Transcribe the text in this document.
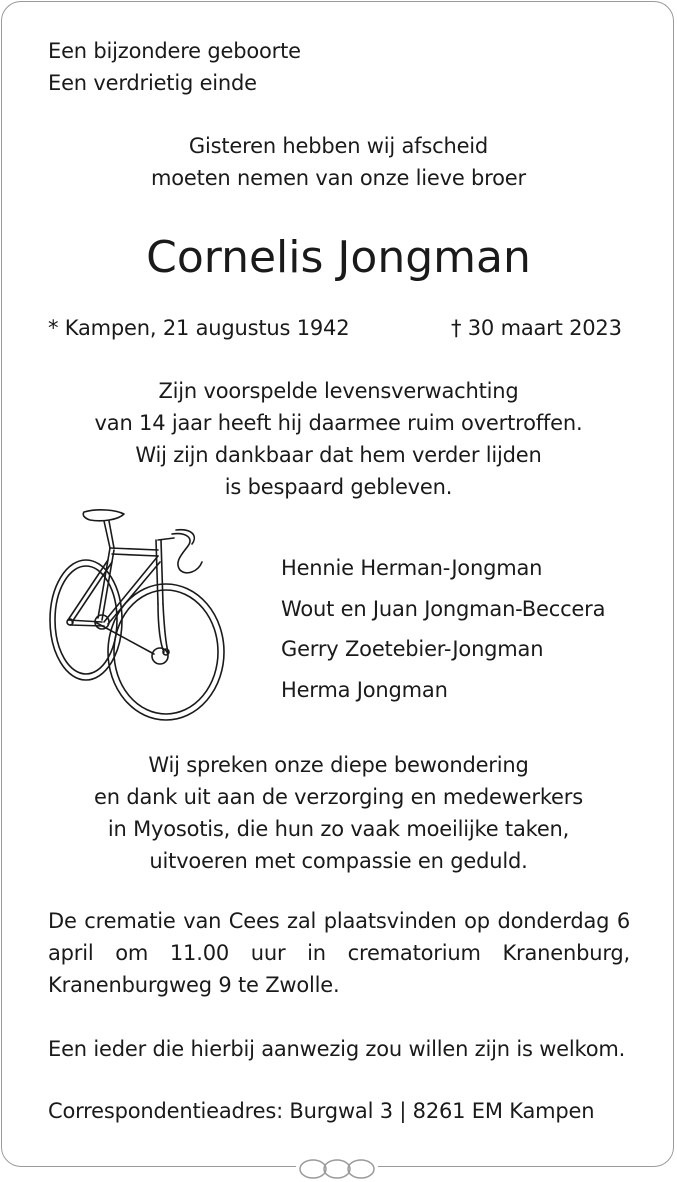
Een bijzondere geboorte
Een verdrietig einde
Gisteren hebben wij afscheid
moeten nemen van onze lieve broer
Cornelis Jongman
* Kampen, 21 augustus 1942	† 30 maart 2023
Zijn voorspelde levensverwachting
van 14 jaar heeft hij daarmee ruim overtroffen.
Wij zijn dankbaar dat hem verder lijden
is bespaard gebleven.
Hennie Herman-Jongman
Wout en Juan Jongman-Beccera
Gerry Zoetebier-Jongman
Herma Jongman
Wij spreken onze diepe bewondering
en dank uit aan de verzorging en medewerkers
in Myosotis, die hun zo vaak moeilijke taken,
uitvoeren met compassie en geduld.
De crematie van Cees zal plaatsvinden op donderdag 6 april om 11.00 uur in crematorium Kranenburg, Kranenburgweg 9 te Zwolle.
Een ieder die hierbij aanwezig zou willen zijn is welkom.
Correspondentieadres: Burgwal 3 | 8261 EM Kampen
